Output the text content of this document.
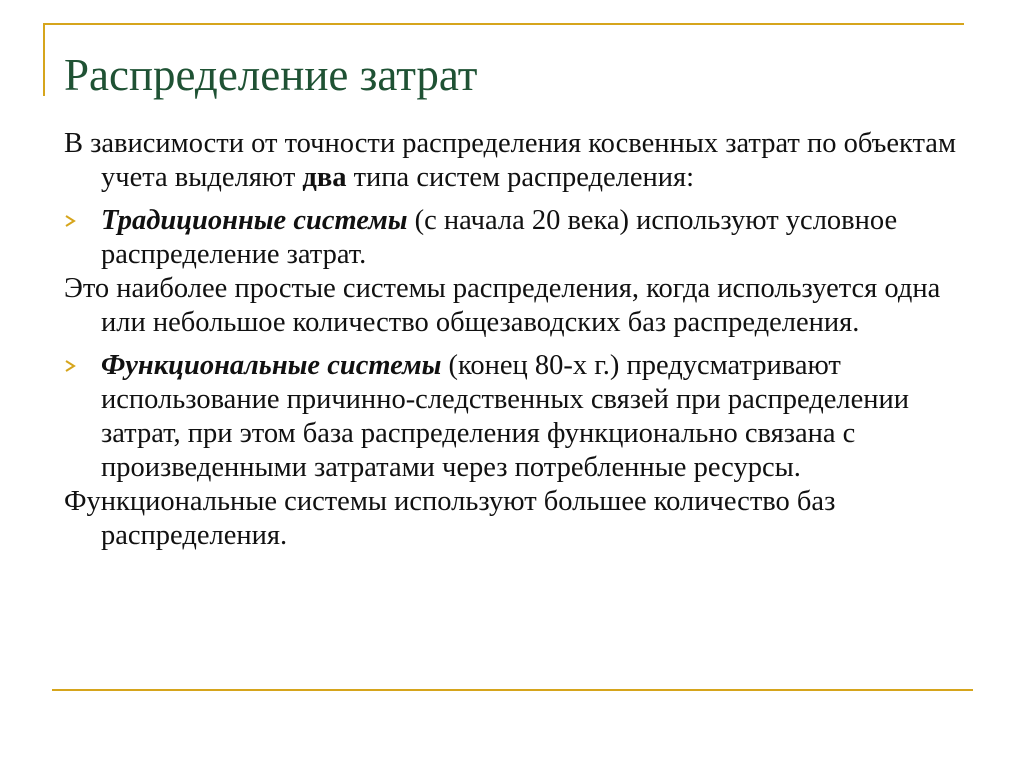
Распределение затрат
В зависимости от точности распределения косвенных затрат по объектам учета выделяют два типа систем распределения:
Традиционные системы (с начала 20 века) используют условное распределение затрат.
Это наиболее простые системы распределения, когда используется одна или небольшое количество общезаводских баз распределения.
Функциональные системы (конец 80-х г.) предусматривают использование причинно-следственных связей при распределении затрат, при этом база распределения функционально связана с произведенными затратами через потребленные ресурсы.
Функциональные системы используют большее количество баз распределения.
